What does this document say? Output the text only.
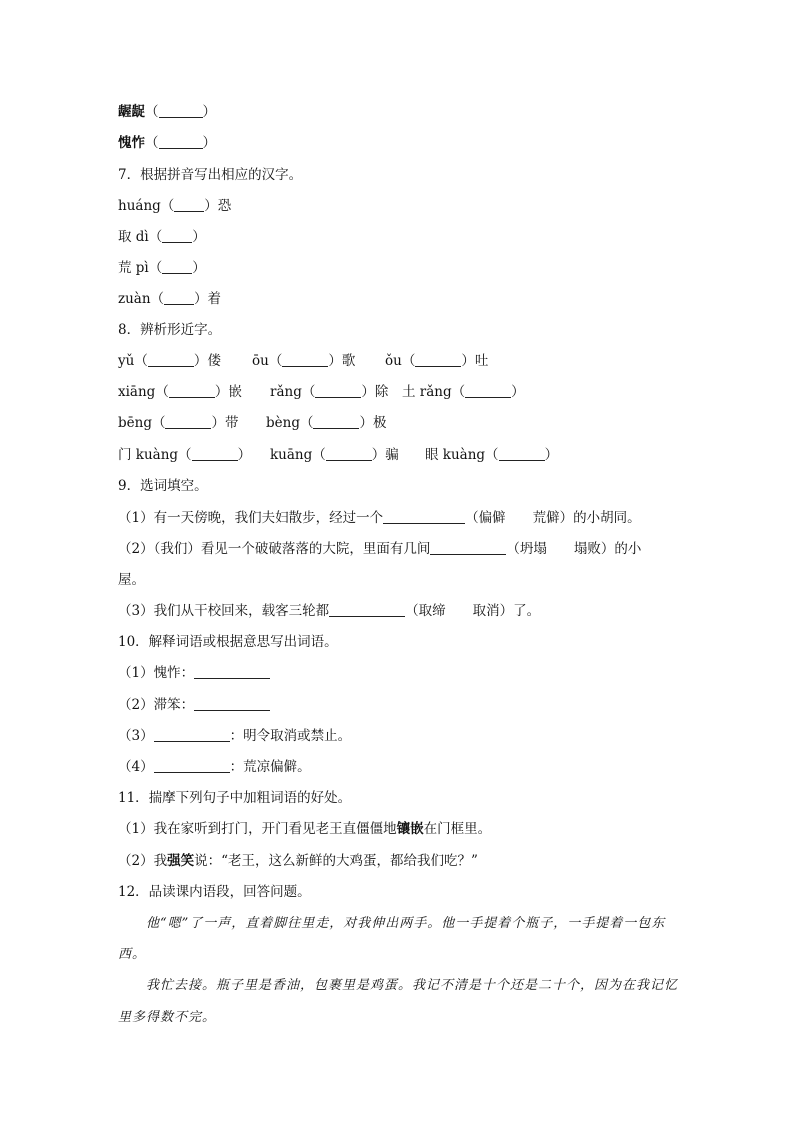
龌龊（	）
愧怍（	）
7．根据拼音写出相应的汉字。
huáng（ ）恐
取 dì（ ）
荒 pì（ ）
zuàn（ ）着
8．辨析形近字。
yǔ（	）偻 ōu（	）歌 ǒu（	）吐
xiāng（	）嵌 rǎng（	）除 土 rǎng（	）
bēng（	）带 bèng（	）极
门 kuàng（	） kuāng（	）骗 眼 kuàng（	）
9．选词填空。
（1）有一天傍晚，我们夫妇散步，经过一个	（偏僻　　荒僻）的小胡同。
（2）（我们）看见一个破破落落的大院，里面有几间	（坍塌　　塌败）的小
屋。
（3）我们从干校回来，载客三轮都	（取缔　　取消）了。
10．解释词语或根据意思写出词语。
（1）愧怍：
（2）滞笨：
（3）	：明令取消或禁止。
（4）	：荒凉偏僻。
11．揣摩下列句子中加粗词语的好处。
（1）我在家听到打门，开门看见老王直僵僵地镶嵌在门框里。
（2）我强笑说：“老王，这么新鲜的大鸡蛋，都给我们吃？”
12．品读课内语段，回答问题。
他“嗯”了一声，直着脚往里走，对我伸出两手。他一手提着个瓶子，一手提着一包东
西。
我忙去接。瓶子里是香油，包裹里是鸡蛋。我记不清是十个还是二十个，因为在我记忆
里多得数不完。
